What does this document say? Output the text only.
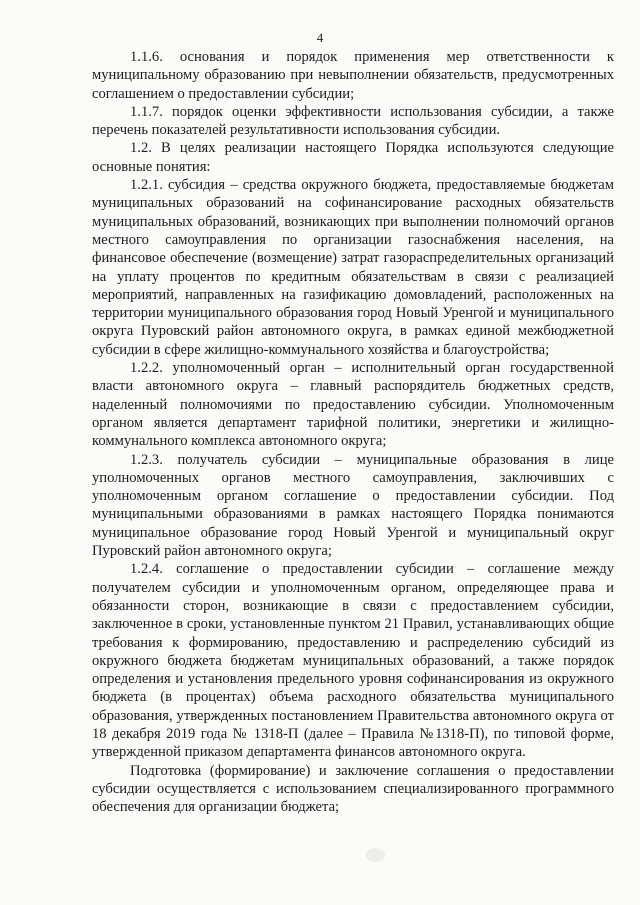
4

1.1.6. основания и порядок применения мер ответственности к муниципальному образованию при невыполнении обязательств, предусмотренных соглашением о предоставлении субсидии;

1.1.7. порядок оценки эффективности использования субсидии, а также перечень показателей результативности использования субсидии.

1.2. В целях реализации настоящего Порядка используются следующие основные понятия:

1.2.1. субсидия – средства окружного бюджета, предоставляемые бюджетам муниципальных образований на софинансирование расходных обязательств муниципальных образований, возникающих при выполнении полномочий органов местного самоуправления по организации газоснабжения населения, на финансовое обеспечение (возмещение) затрат газораспределительных организаций на уплату процентов по кредитным обязательствам в связи с реализацией мероприятий, направленных на газификацию домовладений, расположенных на территории муниципального образования город Новый Уренгой и муниципального округа Пуровский район автономного округа, в рамках единой межбюджетной субсидии в сфере жилищно-коммунального хозяйства и благоустройства;

1.2.2. уполномоченный орган – исполнительный орган государственной власти автономного округа – главный распорядитель бюджетных средств, наделенный полномочиями по предоставлению субсидии. Уполномоченным органом является департамент тарифной политики, энергетики и жилищно-коммунального комплекса автономного округа;

1.2.3. получатель субсидии – муниципальные образования в лице уполномоченных органов местного самоуправления, заключивших с уполномоченным органом соглашение о предоставлении субсидии. Под муниципальными образованиями в рамках настоящего Порядка понимаются муниципальное образование город Новый Уренгой и муниципальный округ Пуровский район автономного округа;

1.2.4. соглашение о предоставлении субсидии – соглашение между получателем субсидии и уполномоченным органом, определяющее права и обязанности сторон, возникающие в связи с предоставлением субсидии, заключенное в сроки, установленные пунктом 21 Правил, устанавливающих общие требования к формированию, предоставлению и распределению субсидий из окружного бюджета бюджетам муниципальных образований, а также порядок определения и установления предельного уровня софинансирования из окружного бюджета (в процентах) объема расходного обязательства муниципального образования, утвержденных постановлением Правительства автономного округа от 18 декабря 2019 года № 1318-П (далее – Правила №1318-П), по типовой форме, утвержденной приказом департамента финансов автономного округа.

Подготовка (формирование) и заключение соглашения о предоставлении субсидии осуществляется с использованием специализированного программного обеспечения для организации бюджета;
